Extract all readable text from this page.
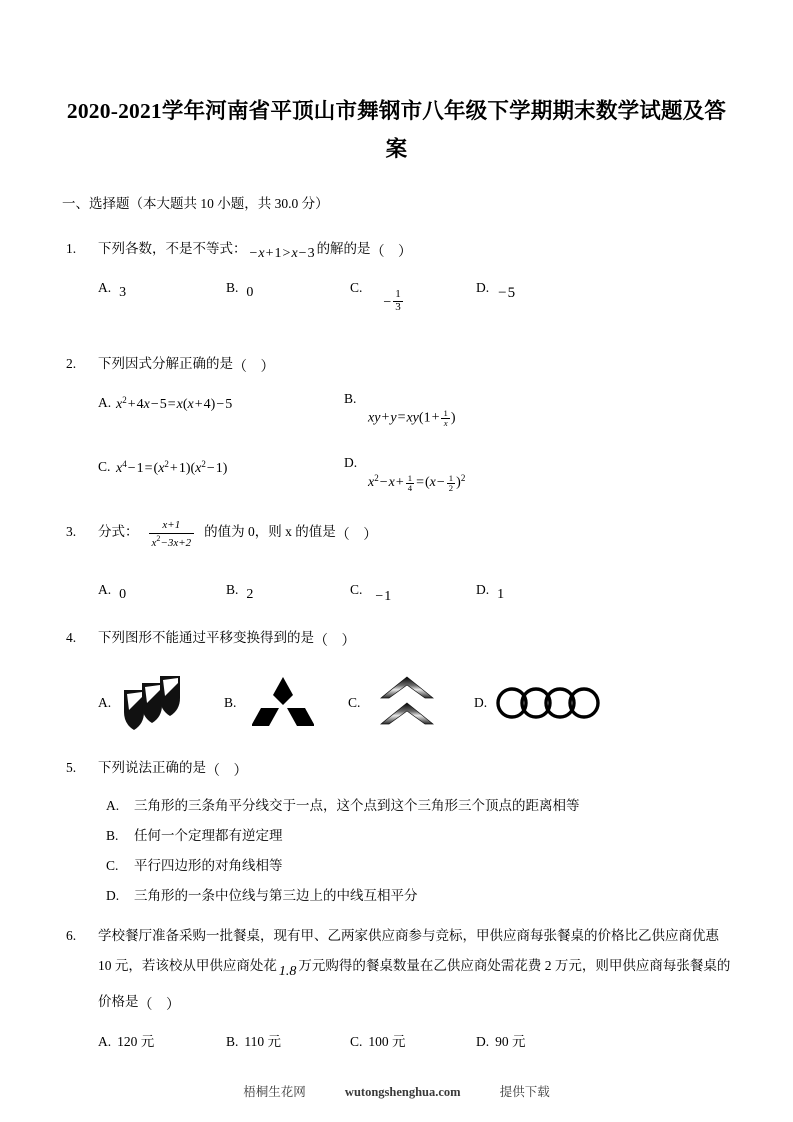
2020-2021学年河南省平顶山市舞钢市八年级下学期期末数学试题及答案
一、选择题（本大题共 10 小题，共 30.0 分）
1.	下列各数，不是不等式： −x+1>x−3 的解的是（ ）
A. 3	B. 0	$C.- \frac{1}{3}$
D. −5
2.	下列因式分解正确的是（ ）
A. $x^2+4x-5=x(x+4)-5$	B.
$xy+y=xy(1+ \frac{1}{x}$ )
C. $x^4-1=(x^2+1)(x^2-1)$	D.
$x^2-x+ \frac{1}{4} =(x- \frac{1}{2} )^2$
3.	分式： $\frac{x+1}{x^2-3x+2}$ 的值为 0，则 x 的值是（ ）
A. 0	B. 2	C. −1	D. 1
4.	下列图形不能通过平移变换得到的是（ ）
A.	B.	C.	D.
5.	下列说法正确的是（ ）
A. 三角形的三条角平分线交于一点，这个点到这个三角形三个顶点的距离相等
B. 任何一个定理都有逆定理
C. 平行四边形的对角线相等
D. 三角形的一条中位线与第三边上的中线互相平分
6.	学校餐厅准备采购一批餐桌，现有甲、乙两家供应商参与竞标，甲供应商每张餐桌的价格比乙供应商优惠 10 元，若该校从甲供应商处花 1.8 万元购得的餐桌数量在乙供应商处需花费 2 万元，则甲供应商每张餐桌的价格是（ ）
A. 120 元	B. 110 元	C. 100 元	D. 90 元
梧桐生花网	wutongshenghua.com	提供下载
